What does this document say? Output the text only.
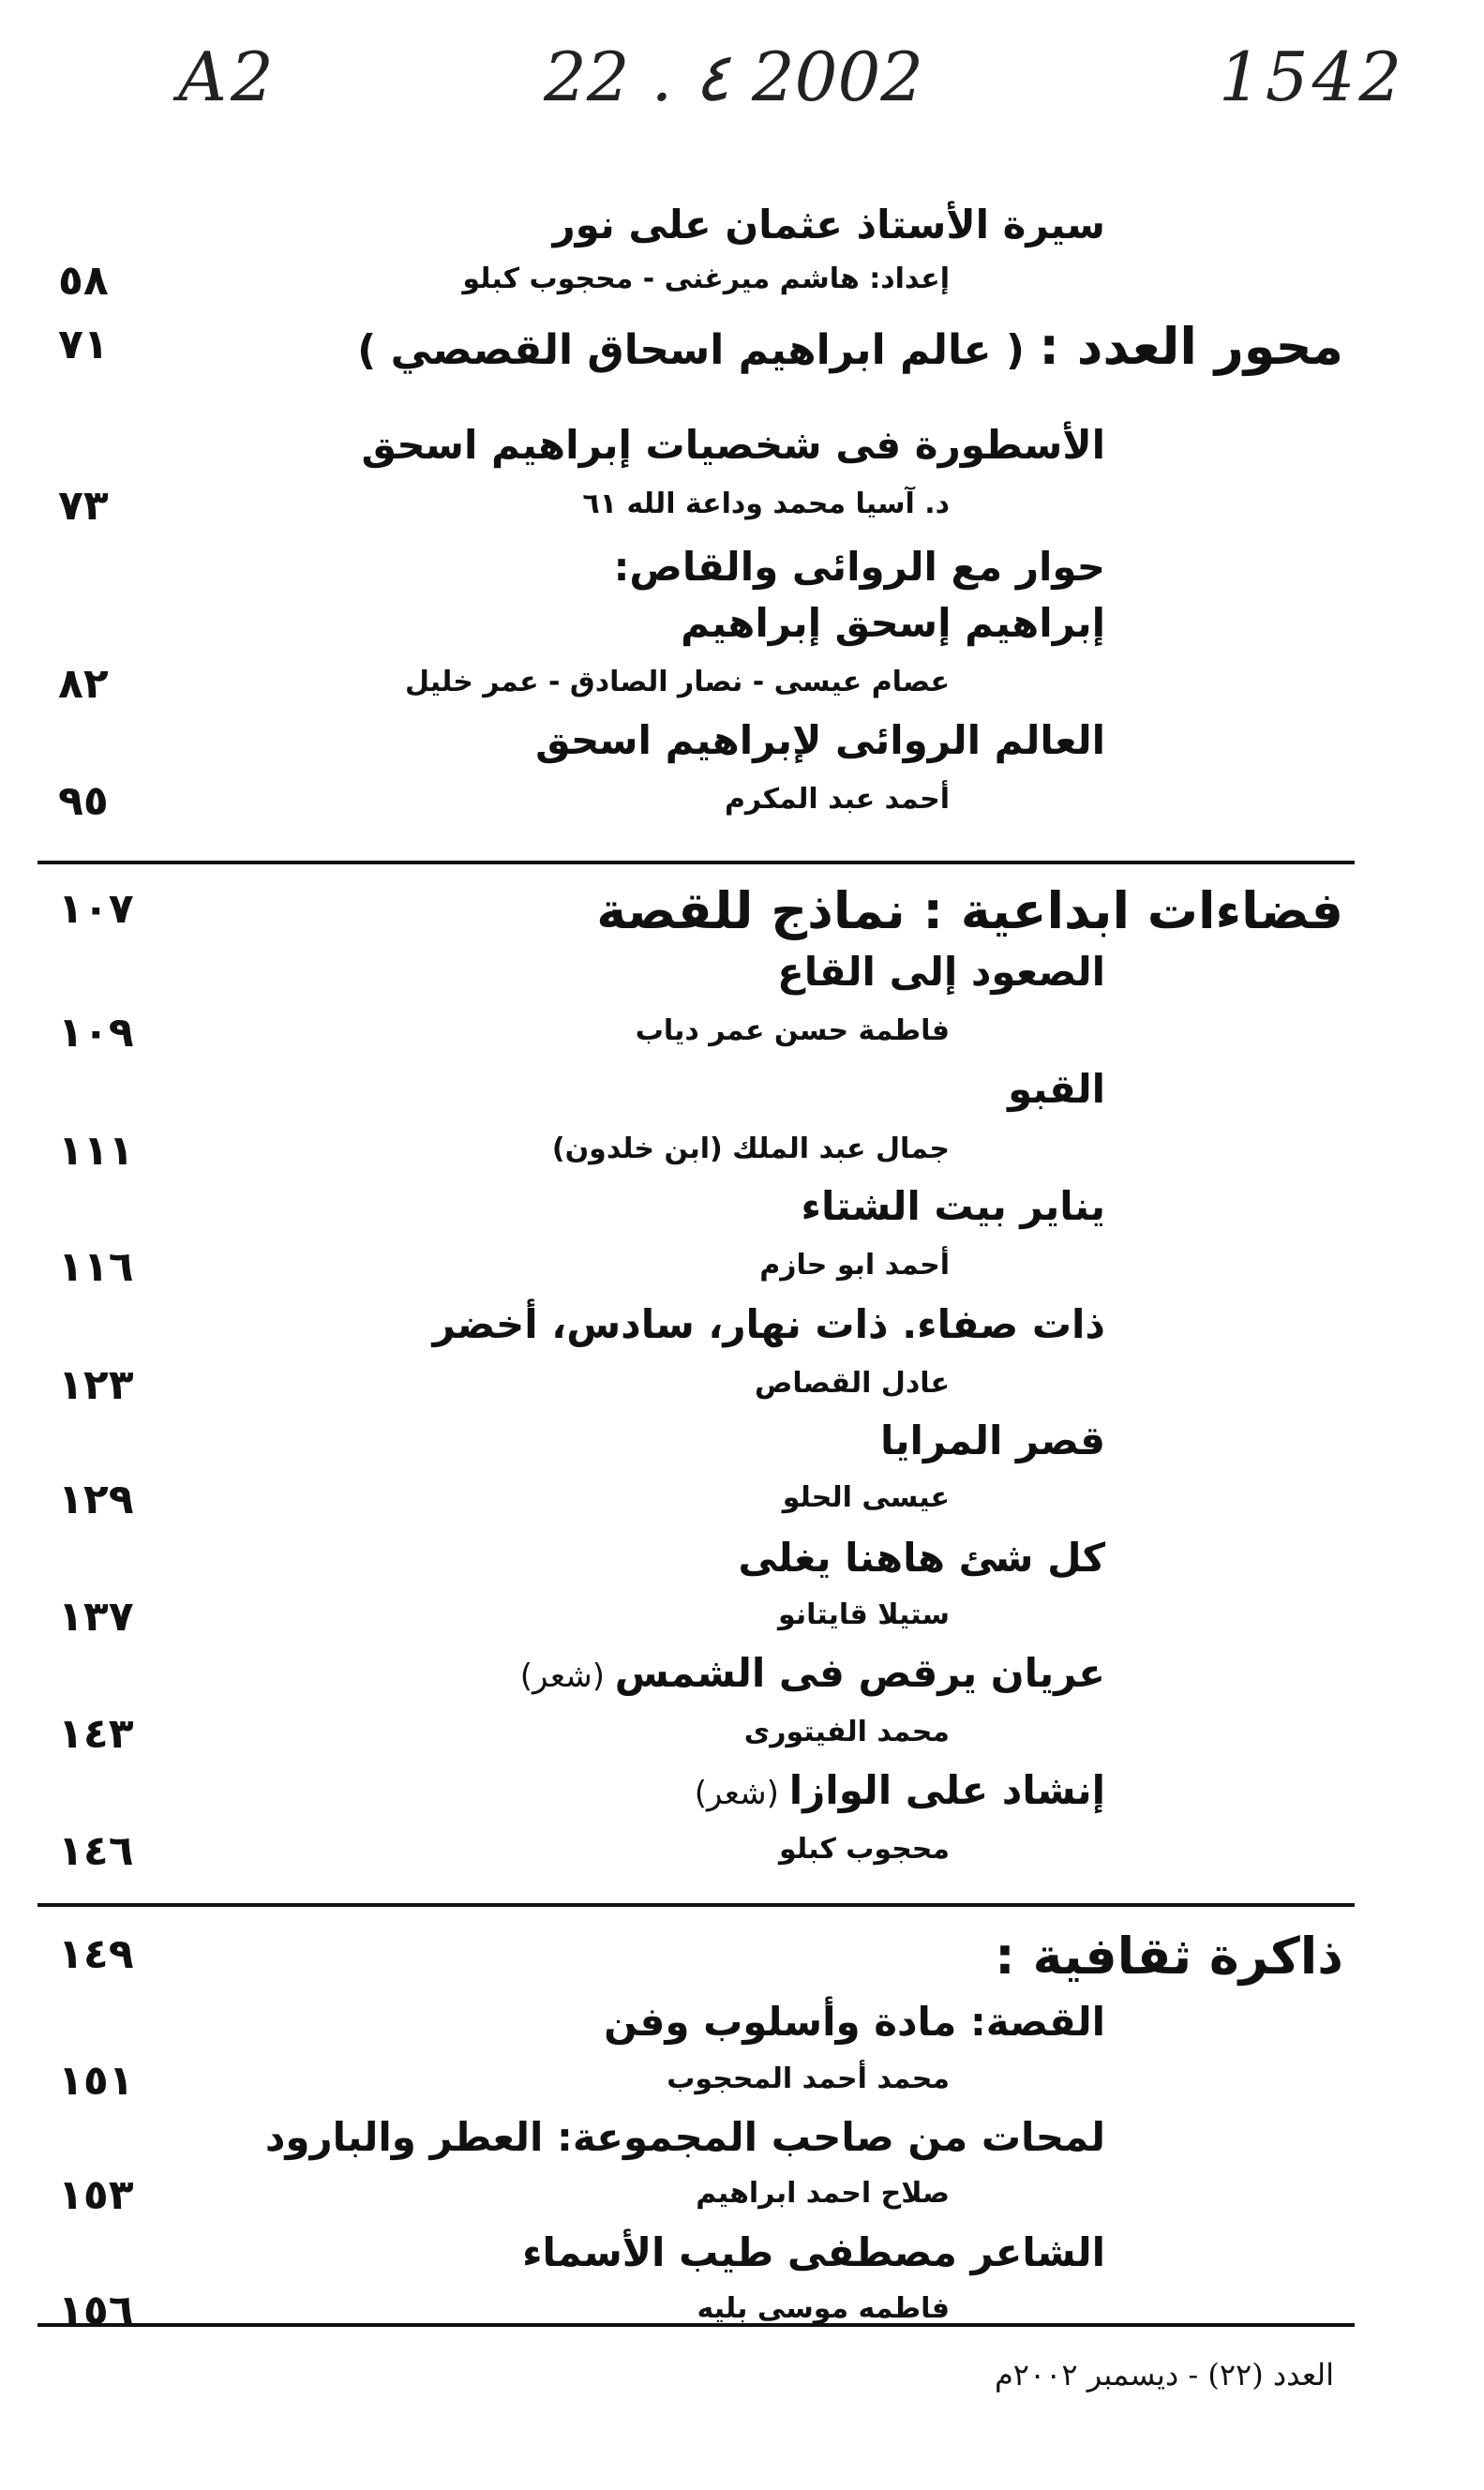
A2	22 . ٤ 2002	1542
سيرة الأستاذ عثمان على نور
إعداد: هاشم ميرغنى - محجوب كبلو
٥٨
محور العدد : ( عالم ابراهيم اسحاق القصصي )
٧١
الأسطورة فى شخصيات إبراهيم اسحق
د. آسيا محمد وداعة الله ٦١
٧٣
حوار مع الروائى والقاص:
إبراهيم إسحق إبراهيم
عصام عيسى - نصار الصادق - عمر خليل
٨٢
العالم الروائى لإبراهيم اسحق
أحمد عبد المكرم
٩٥
فضاءات ابداعية : نماذج للقصة
١٠٧
الصعود إلى القاع
فاطمة حسن عمر دياب
١٠٩
القبو
جمال عبد الملك (ابن خلدون)
١١١
يناير بيت الشتاء
أحمد ابو حازم
١١٦
ذات صفاء. ذات نهار، سادس، أخضر
عادل القصاص
١٢٣
قصر المرايا
عيسى الحلو
١٢٩
كل شئ هاهنا يغلى
ستيلا قايتانو
١٣٧
عريان يرقص فى الشمس (شعر)
محمد الفيتورى
١٤٣
إنشاد على الوازا (شعر)
محجوب كبلو
١٤٦
ذاكرة ثقافية :
١٤٩
القصة: مادة وأسلوب وفن
محمد أحمد المحجوب
١٥١
لمحات من صاحب المجموعة: العطر والبارود
صلاح احمد ابراهيم
١٥٣
الشاعر مصطفى طيب الأسماء
فاطمه موسى بليه
١٥٦
العدد (٢٢) - ديسمبر ٢٠٠٢م
